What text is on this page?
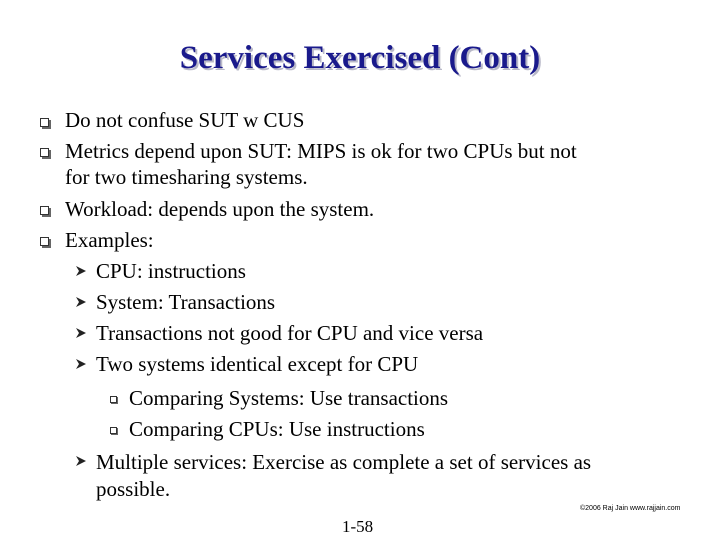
Services Exercised (Cont)
Do not confuse SUT w CUS
Metrics depend upon SUT: MIPS is ok for two CPUs but not
for two timesharing systems.
Workload: depends upon the system.
Examples:
CPU: instructions
System: Transactions
Transactions not good for CPU and vice versa
Two systems identical except for CPU
Comparing Systems: Use transactions
Comparing CPUs: Use instructions
Multiple services: Exercise as complete a set of services as
possible.
©2006 Raj Jain www.rajjain.com
1-58
